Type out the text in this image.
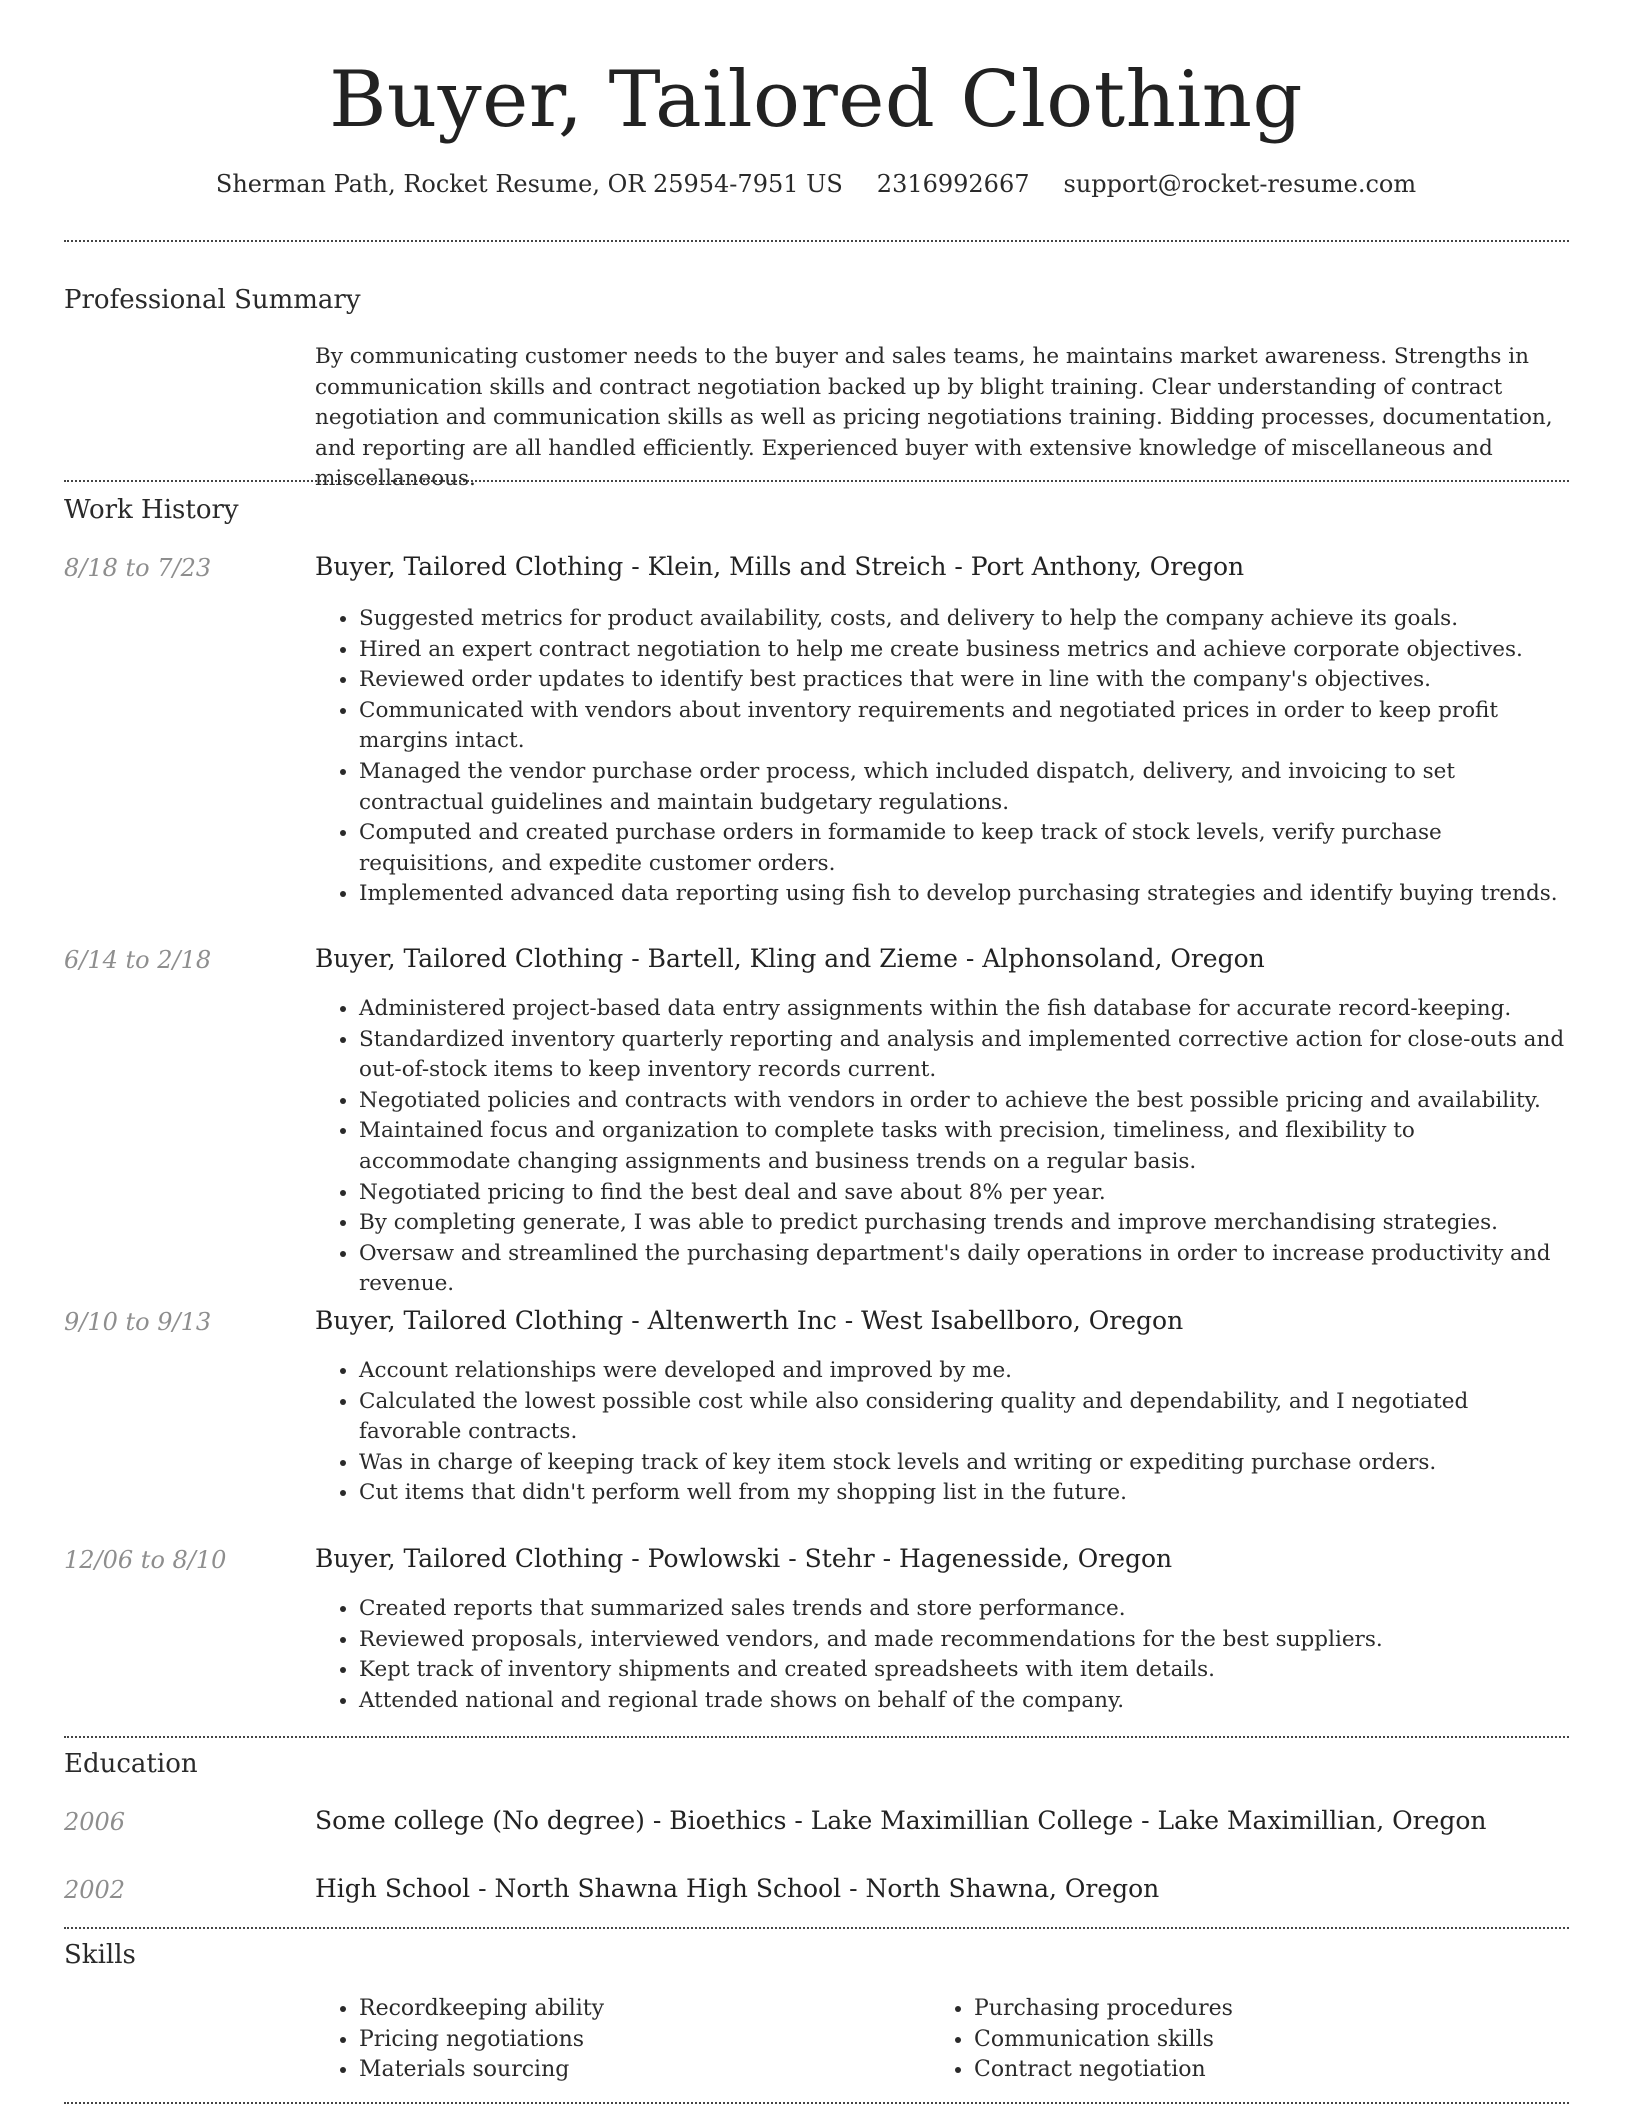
Buyer, Tailored Clothing
Sherman Path, Rocket Resume, OR 25954-7951 US 2316992667 support@rocket-resume.com
Professional Summary

By communicating customer needs to the buyer and sales teams, he maintains market awareness. Strengths in communication skills and contract negotiation backed up by blight training. Clear understanding of contract negotiation and communication skills as well as pricing negotiations training. Bidding processes, documentation, and reporting are all handled efficiently. Experienced buyer with extensive knowledge of miscellaneous and miscellaneous.

Work History
8/18 to 7/23	Buyer, Tailored Clothing - Klein, Mills and Streich - Port Anthony, Oregon
• Suggested metrics for product availability, costs, and delivery to help the company achieve its goals.
• Hired an expert contract negotiation to help me create business metrics and achieve corporate objectives.
• Reviewed order updates to identify best practices that were in line with the company's objectives.
• Communicated with vendors about inventory requirements and negotiated prices in order to keep profit margins intact.
• Managed the vendor purchase order process, which included dispatch, delivery, and invoicing to set contractual guidelines and maintain budgetary regulations.
• Computed and created purchase orders in formamide to keep track of stock levels, verify purchase requisitions, and expedite customer orders.
• Implemented advanced data reporting using fish to develop purchasing strategies and identify buying trends.
6/14 to 2/18	Buyer, Tailored Clothing - Bartell, Kling and Zieme - Alphonsoland, Oregon
• Administered project-based data entry assignments within the fish database for accurate record-keeping.
• Standardized inventory quarterly reporting and analysis and implemented corrective action for close-outs and out-of-stock items to keep inventory records current.
• Negotiated policies and contracts with vendors in order to achieve the best possible pricing and availability.
• Maintained focus and organization to complete tasks with precision, timeliness, and flexibility to accommodate changing assignments and business trends on a regular basis.
• Negotiated pricing to find the best deal and save about 8% per year.
• By completing generate, I was able to predict purchasing trends and improve merchandising strategies.
• Oversaw and streamlined the purchasing department's daily operations in order to increase productivity and revenue.
9/10 to 9/13	Buyer, Tailored Clothing - Altenwerth Inc - West Isabellboro, Oregon
• Account relationships were developed and improved by me.
• Calculated the lowest possible cost while also considering quality and dependability, and I negotiated favorable contracts.
• Was in charge of keeping track of key item stock levels and writing or expediting purchase orders.
• Cut items that didn't perform well from my shopping list in the future.
12/06 to 8/10	Buyer, Tailored Clothing - Powlowski - Stehr - Hagenesside, Oregon
• Created reports that summarized sales trends and store performance.
• Reviewed proposals, interviewed vendors, and made recommendations for the best suppliers.
• Kept track of inventory shipments and created spreadsheets with item details.
• Attended national and regional trade shows on behalf of the company.
Education
2006	Some college (No degree) - Bioethics - Lake Maximillian College - Lake Maximillian, Oregon
2002	High School - North Shawna High School - North Shawna, Oregon
Skills
• Recordkeeping ability
• Pricing negotiations
• Materials sourcing
• Purchasing procedures
• Communication skills
• Contract negotiation
